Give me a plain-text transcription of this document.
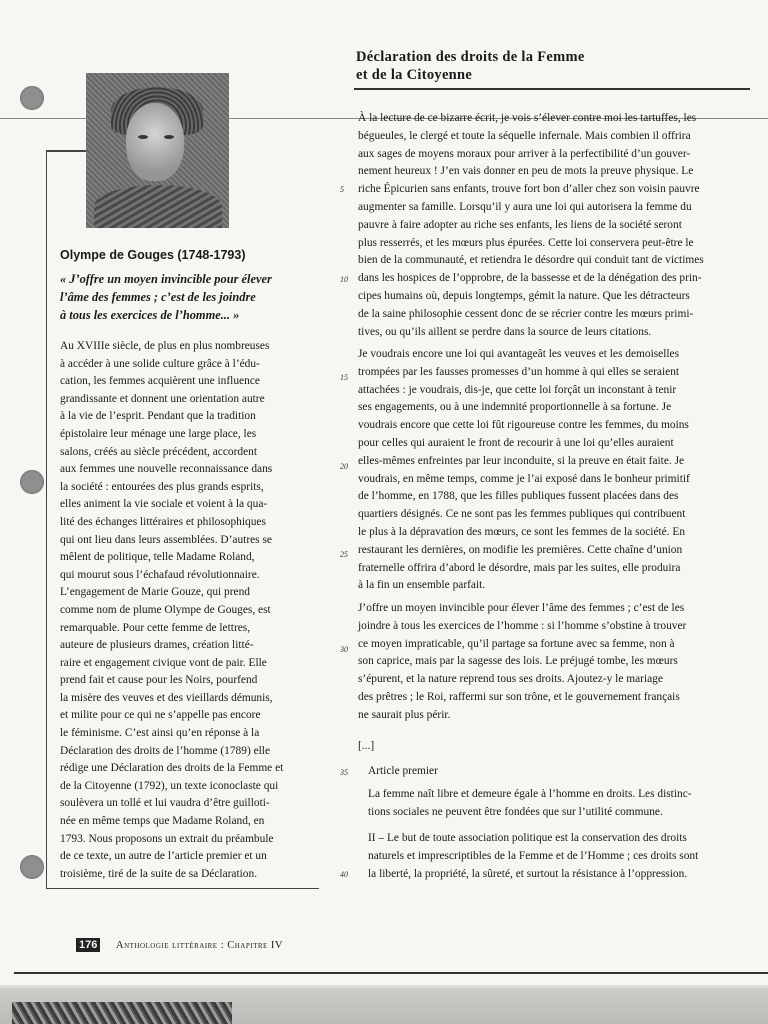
Olympe de Gouges (1748-1793)
« J’offre un moyen invincible pour élever
l’âme des femmes ; c’est de les joindre
à tous les exercices de l’homme... »
Au XVIIIe siècle, de plus en plus nombreuses
à accéder à une solide culture grâce à l’édu-
cation, les femmes acquièrent une influence
grandissante et donnent une orientation autre
à la vie de l’esprit. Pendant que la tradition
épistolaire leur ménage une large place, les
salons, créés au siècle précédent, accordent
aux femmes une nouvelle reconnaissance dans
la société : entourées des plus grands esprits,
elles animent la vie sociale et voient à la qua-
lité des échanges littéraires et philosophiques
qui ont lieu dans leurs assemblées. D’autres se
mêlent de politique, telle Madame Roland,
qui mourut sous l’échafaud révolutionnaire.
L’engagement de Marie Gouze, qui prend
comme nom de plume Olympe de Gouges, est
remarquable. Pour cette femme de lettres,
auteure de plusieurs drames, création litté-
raire et engagement civique vont de pair. Elle
prend fait et cause pour les Noirs, pourfend
la misère des veuves et des vieillards démunis,
et milite pour ce qui ne s’appelle pas encore
le féminisme. C’est ainsi qu’en réponse à la
Déclaration des droits de l’homme (1789) elle
rédige une Déclaration des droits de la Femme et
de la Citoyenne (1792), un texte iconoclaste qui
soulèvera un tollé et lui vaudra d’être guilloti-
née en même temps que Madame Roland, en
1793. Nous proposons un extrait du préambule
de ce texte, un autre de l’article premier et un
troisième, tiré de la suite de sa Déclaration.
Déclaration des droits de la Femme
et de la Citoyenne
À la lecture de ce bizarre écrit, je vois s’élever contre moi les tartuffes, les
bégueules, le clergé et toute la séquelle infernale. Mais combien il offrira
aux sages de moyens moraux pour arriver à la perfectibilité d’un gouver-
nement heureux ! J’en vais donner en peu de mots la preuve physique. Le
riche Épicurien sans enfants, trouve fort bon d’aller chez son voisin pauvre
augmenter sa famille. Lorsqu’il y aura une loi qui autorisera la femme du
pauvre à faire adopter au riche ses enfants, les liens de la société seront
plus resserrés, et les mœurs plus épurées. Cette loi conservera peut-être le
bien de la communauté, et retiendra le désordre qui conduit tant de victimes
dans les hospices de l’opprobre, de la bassesse et de la dénégation des prin-
cipes humains où, depuis longtemps, gémit la nature. Que les détracteurs
de la saine philosophie cessent donc de se récrier contre les mœurs primi-
tives, ou qu’ils aillent se perdre dans la source de leurs citations.
Je voudrais encore une loi qui avantageât les veuves et les demoiselles
trompées par les fausses promesses d’un homme à qui elles se seraient
attachées : je voudrais, dis-je, que cette loi forçât un inconstant à tenir
ses engagements, ou à une indemnité proportionnelle à sa fortune. Je
voudrais encore que cette loi fût rigoureuse contre les femmes, du moins
pour celles qui auraient le front de recourir à une loi qu’elles auraient
elles-mêmes enfreintes par leur inconduite, si la preuve en était faite. Je
voudrais, en même temps, comme je l’ai exposé dans le bonheur primitif
de l’homme, en 1788, que les filles publiques fussent placées dans des
quartiers désignés. Ce ne sont pas les femmes publiques qui contribuent
le plus à la dépravation des mœurs, ce sont les femmes de la société. En
restaurant les dernières, on modifie les premières. Cette chaîne d’union
fraternelle offrira d’abord le désordre, mais par les suites, elle produira
à la fin un ensemble parfait.
J’offre un moyen invincible pour élever l’âme des femmes ; c’est de les
joindre à tous les exercices de l’homme : si l’homme s’obstine à trouver
ce moyen impraticable, qu’il partage sa fortune avec sa femme, non à
son caprice, mais par la sagesse des lois. Le préjugé tombe, les mœurs
s’épurent, et la nature reprend tous ses droits. Ajoutez-y le mariage
des prêtres ; le Roi, raffermi sur son trône, et le gouvernement français
ne saurait plus périr.
[...]
Article premier
La femme naît libre et demeure égale à l’homme en droits. Les distinc-
tions sociales ne peuvent être fondées que sur l’utilité commune.
II – Le but de toute association politique est la conservation des droits
naturels et imprescriptibles de la Femme et de l’Homme ; ces droits sont
la liberté, la propriété, la sûreté, et surtout la résistance à l’oppression.
5
10
15
20
25
30
35
40
176 Anthologie littéraire : Chapitre IV
